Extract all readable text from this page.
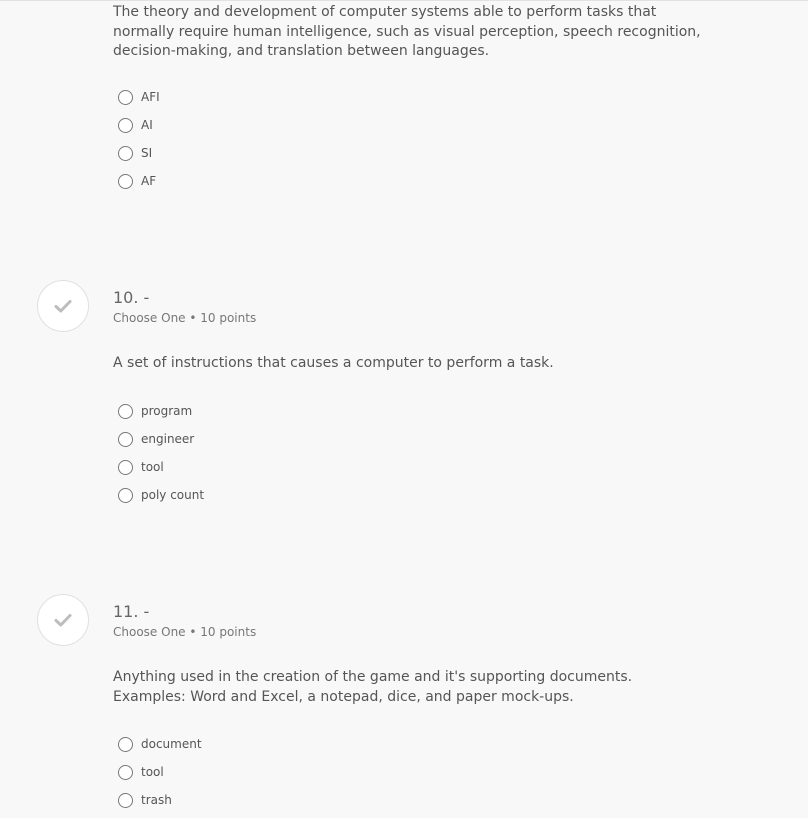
The theory and development of computer systems able to perform tasks that normally require human intelligence, such as visual perception, speech recognition, decision-making, and translation between languages.

AFI
AI
SI
AF

10. -

Choose One • 10 points

A set of instructions that causes a computer to perform a task.

program
engineer
tool
poly count

11. -

Choose One • 10 points

Anything used in the creation of the game and it's supporting documents. Examples: Word and Excel, a notepad, dice, and paper mock-ups.

document
tool
trash
